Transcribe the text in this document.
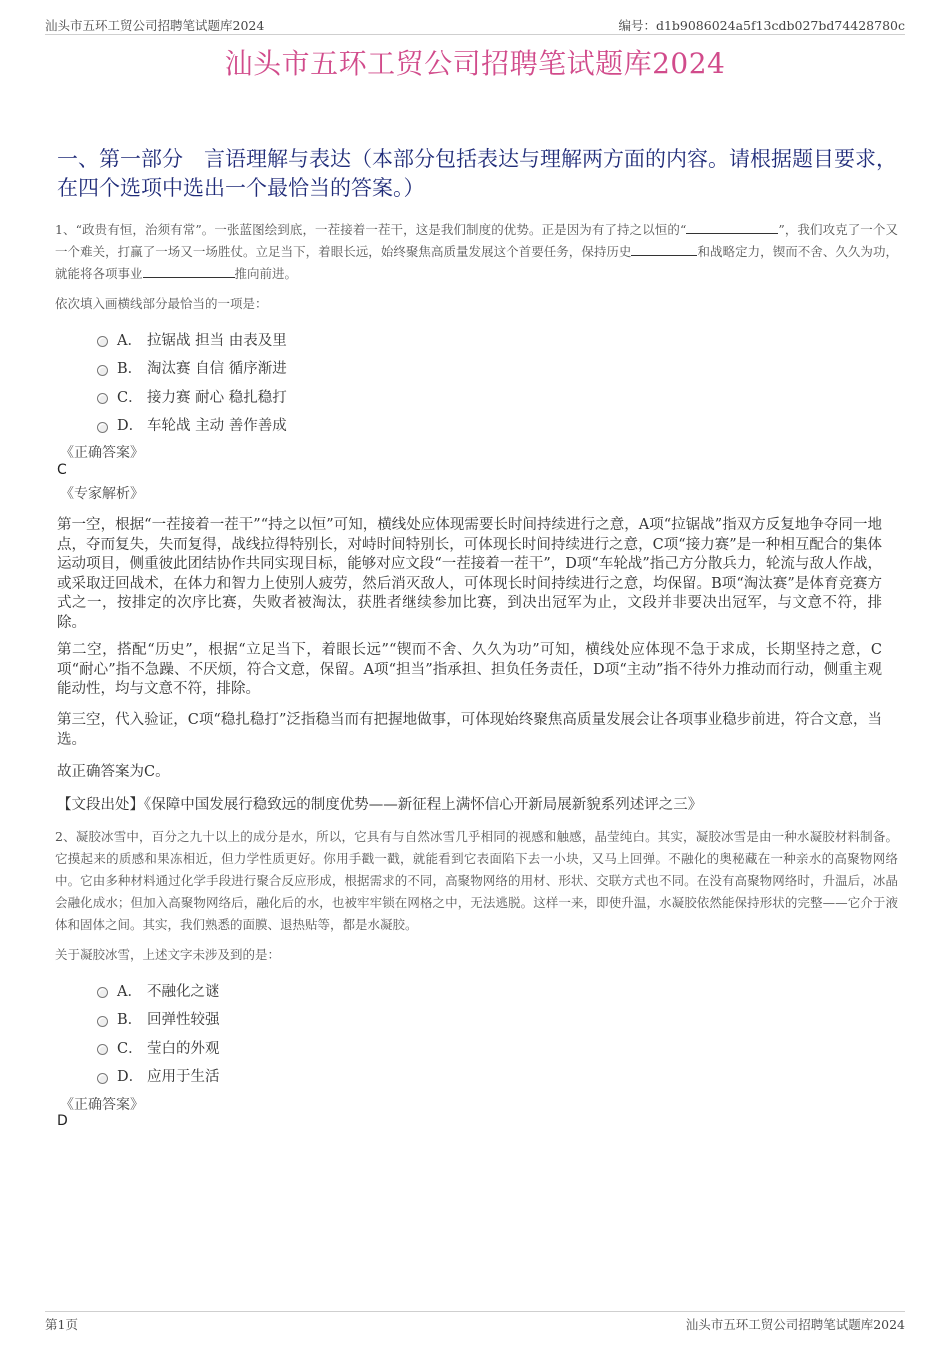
汕头市五环工贸公司招聘笔试题库2024	编号：d1b9086024a5f13cdb027bd74428780c
汕头市五环工贸公司招聘笔试题库2024
一、第一部分　言语理解与表达（本部分包括表达与理解两方面的内容。请根据题目要求，在四个选项中选出一个最恰当的答案。）
1、“政贵有恒，治须有常”。一张蓝图绘到底，一茬接着一茬干，这是我们制度的优势。正是因为有了持之以恒的“	”，我们攻克了一个又一个难关，打赢了一场又一场胜仗。立足当下，着眼长远，始终聚焦高质量发展这个首要任务，保持历史	和战略定力，锲而不舍、久久为功，就能将各项事业	推向前进。
依次填入画横线部分最恰当的一项是：
A． 拉锯战 担当 由表及里
B． 淘汰赛 自信 循序渐进
C． 接力赛 耐心 稳扎稳打
D． 车轮战 主动 善作善成
《正确答案》
C
《专家解析》
第一空，根据“一茬接着一茬干”“持之以恒”可知，横线处应体现需要长时间持续进行之意，A项“拉锯战”指双方反复地争夺同一地点，夺而复失，失而复得，战线拉得特别长，对峙时间特别长，可体现长时间持续进行之意，C项“接力赛”是一种相互配合的集体运动项目，侧重彼此团结协作共同实现目标，能够对应文段“一茬接着一茬干”，D项“车轮战”指己方分散兵力，轮流与敌人作战，或采取迂回战术，在体力和智力上使别人疲劳，然后消灭敌人，可体现长时间持续进行之意，均保留。B项“淘汰赛”是体育竞赛方式之一，按排定的次序比赛，失败者被淘汰，获胜者继续参加比赛，到决出冠军为止，文段并非要决出冠军，与文意不符，排除。
第二空，搭配“历史”，根据“立足当下，着眼长远”“锲而不舍、久久为功”可知，横线处应体现不急于求成，长期坚持之意，C项“耐心”指不急躁、不厌烦，符合文意，保留。A项“担当”指承担、担负任务责任，D项“主动”指不待外力推动而行动，侧重主观能动性，均与文意不符，排除。
第三空，代入验证，C项“稳扎稳打”泛指稳当而有把握地做事，可体现始终聚焦高质量发展会让各项事业稳步前进，符合文意，当选。
故正确答案为C。
【文段出处】《保障中国发展行稳致远的制度优势——新征程上满怀信心开新局展新貌系列述评之三》
2、凝胶冰雪中，百分之九十以上的成分是水，所以，它具有与自然冰雪几乎相同的视感和触感，晶莹纯白。其实，凝胶冰雪是由一种水凝胶材料制备。它摸起来的质感和果冻相近，但力学性质更好。你用手戳一戳，就能看到它表面陷下去一小块，又马上回弹。不融化的奥秘藏在一种亲水的高聚物网络中。它由多种材料通过化学手段进行聚合反应形成，根据需求的不同，高聚物网络的用材、形状、交联方式也不同。在没有高聚物网络时，升温后，冰晶会融化成水；但加入高聚物网络后，融化后的水，也被牢牢锁在网格之中，无法逃脱。这样一来，即使升温，水凝胶依然能保持形状的完整——它介于液体和固体之间。其实，我们熟悉的面膜、退热贴等，都是水凝胶。
关于凝胶冰雪，上述文字未涉及到的是：
A． 不融化之谜
B． 回弹性较强
C． 莹白的外观
D． 应用于生活
《正确答案》
D
第1页	汕头市五环工贸公司招聘笔试题库2024
